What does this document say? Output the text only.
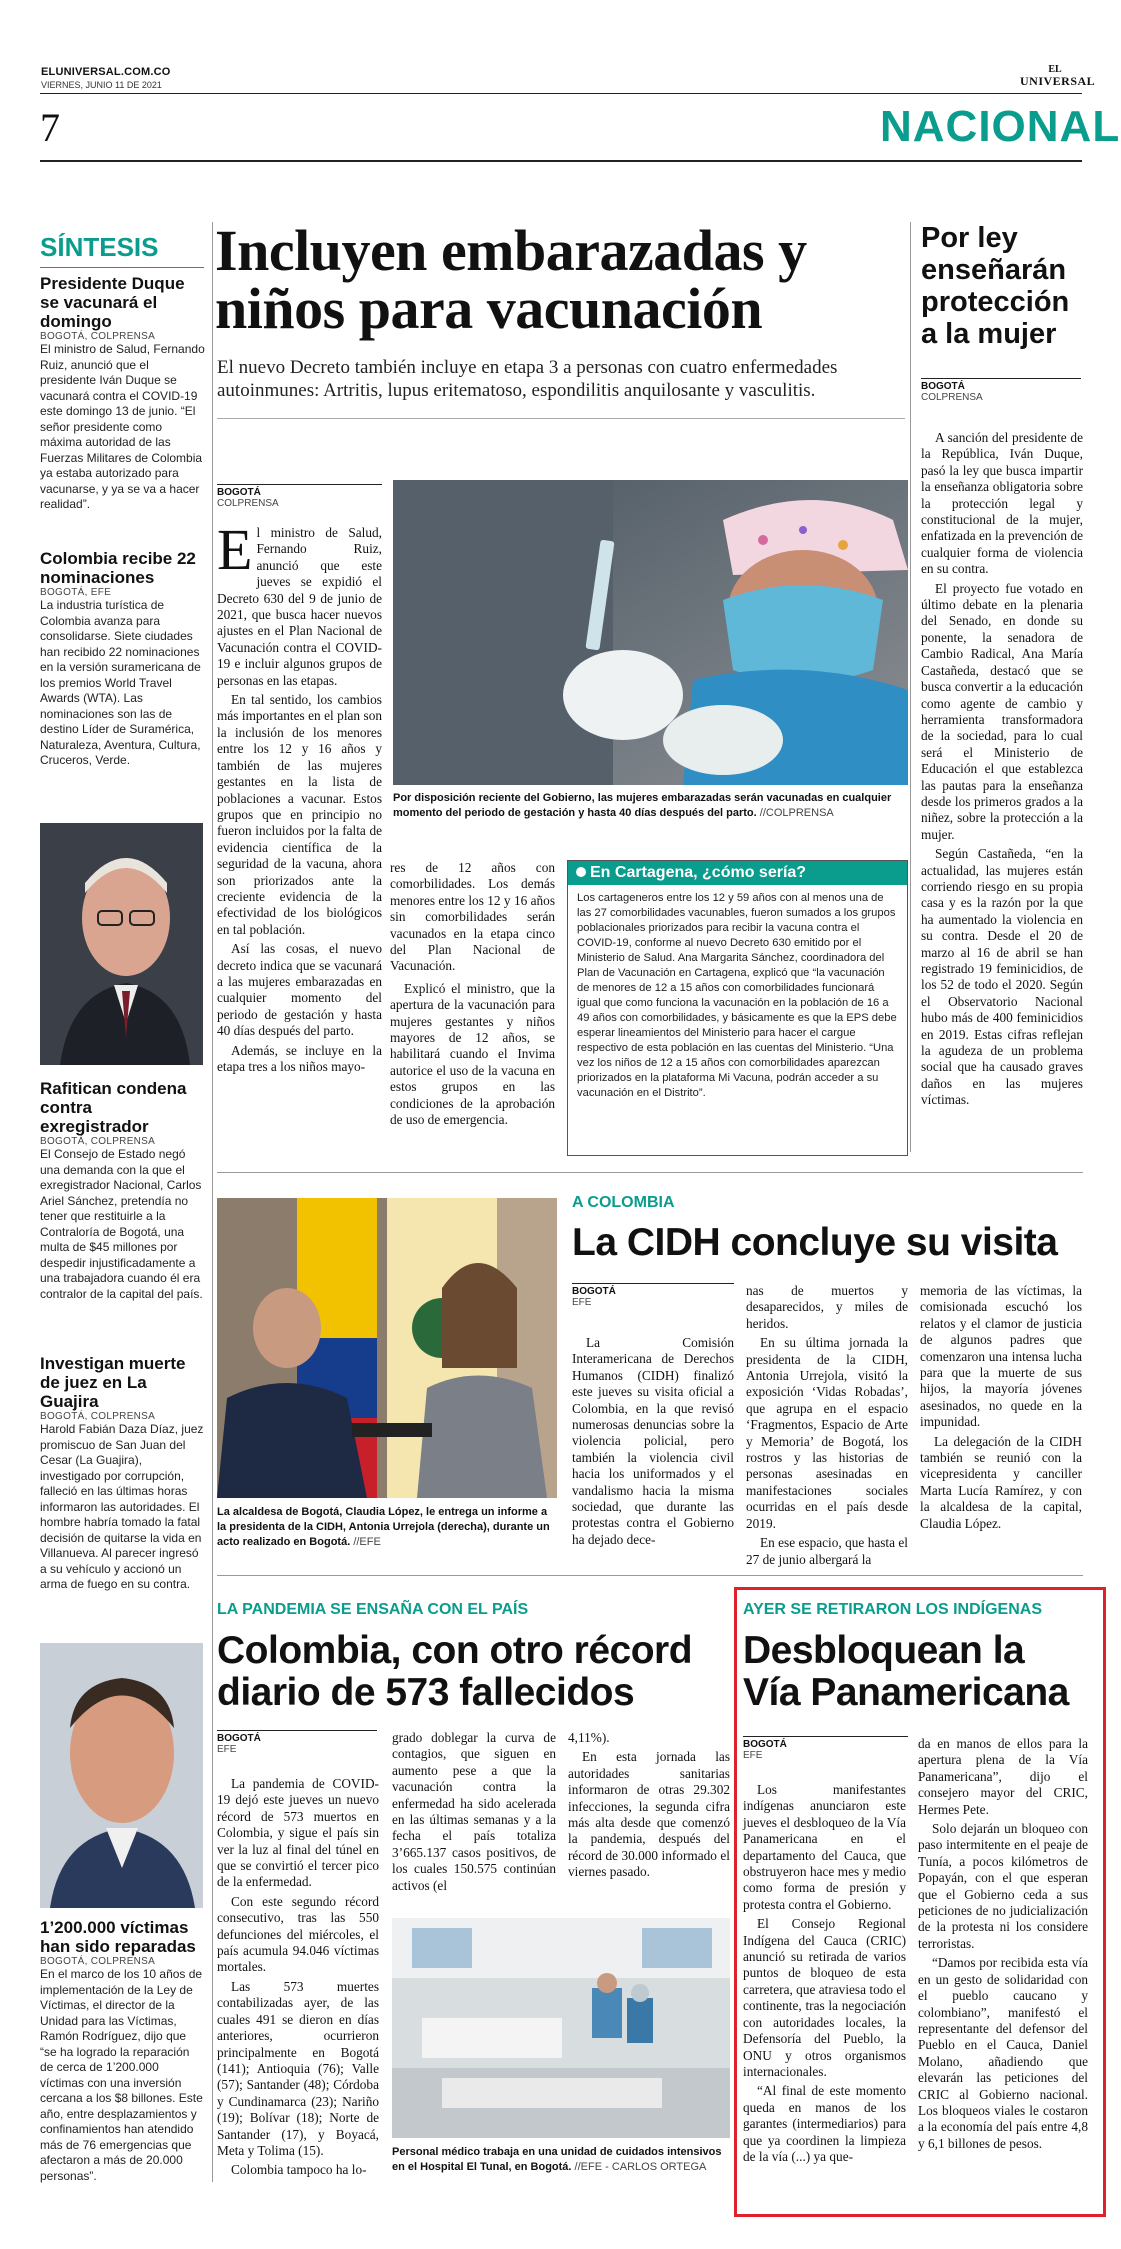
ELUNIVERSAL.COM.CO
VIERNES, JUNIO 11 DE 2021
EL
UNIVERSAL
7	NACIONAL
SÍNTESIS
Presidente Duque se vacunará el domingo
BOGOTÁ, COLPRENSA
El ministro de Salud, Fernando Ruiz, anunció que el presidente Iván Duque se vacunará contra el COVID-19 este domingo 13 de junio. “El señor presidente como máxima autoridad de las Fuerzas Militares de Colombia ya estaba autorizado para vacunarse, y ya se va a hacer realidad”.
Colombia recibe 22 nominaciones
BOGOTÁ, EFE
La industria turística de Colombia avanza para consolidarse. Siete ciudades han recibido 22 nominaciones en la versión suramericana de los premios World Travel Awards (WTA). Las nominaciones son las de destino Líder de Suramérica, Naturaleza, Aventura, Cultura, Cruceros, Verde.
Rafitican condena contra exregistrador
BOGOTÁ, COLPRENSA
El Consejo de Estado negó una demanda con la que el exregistrador Nacional, Carlos Ariel Sánchez, pretendía no tener que restituirle a la Contraloría de Bogotá, una multa de $45 millones por despedir injustificadamente a una trabajadora cuando él era contralor de la capital del país.
Investigan muerte de juez en La Guajira
BOGOTÁ, COLPRENSA
Harold Fabián Daza Díaz, juez promiscuo de San Juan del Cesar (La Guajira), investigado por corrupción, falleció en las últimas horas informaron las autoridades. El hombre habría tomado la fatal decisión de quitarse la vida en Villanueva. Al parecer ingresó a su vehículo y accionó un arma de fuego en su contra.
1’200.000 víctimas han sido reparadas
BOGOTÁ, COLPRENSA
En el marco de los 10 años de implementación de la Ley de Víctimas, el director de la Unidad para las Víctimas, Ramón Rodríguez, dijo que “se ha logrado la reparación de cerca de 1’200.000 víctimas con una inversión cercana a los $8 billones. Este año, entre desplazamientos y confinamientos han atendido más de 76 emergencias que afectaron a más de 20.000 personas”.
Incluyen embarazadas y niños para vacunación
El nuevo Decreto también incluye en etapa 3 a personas con cuatro enfermedades autoinmunes: Artritis, lupus eritematoso, espondilitis anquilosante y vasculitis.
BOGOTÁ
COLPRENSA
E l ministro de Salud, Fernando Ruiz, anunció que este jueves se expidió el Decreto 630 del 9 de junio de 2021, que busca hacer nuevos ajustes en el Plan Nacional de Vacunación contra el COVID-19 e incluir algunos grupos de personas en las etapas.

En tal sentido, los cambios más importantes en el plan son la inclusión de los menores entre los 12 y 16 años y también de las mujeres gestantes en la lista de poblaciones a vacunar. Estos grupos que en principio no fueron incluidos por la falta de evidencia científica de la seguridad de la vacuna, ahora son priorizados ante la creciente evidencia de la efectividad de los biológicos en tal población.

Así las cosas, el nuevo decreto indica que se vacunará a las mujeres embarazadas en cualquier momento del periodo de gestación y hasta 40 días después del parto.

Además, se incluye en la etapa tres a los niños mayo-

Por disposición reciente del Gobierno, las mujeres embarazadas serán vacunadas en cualquier momento del periodo de gestación y hasta 40 días después del parto. //COLPRENSA
res de 12 años con comorbilidades. Los demás menores entre los 12 y 16 años sin comorbilidades serán vacunados en la etapa cinco del Plan Nacional de Vacunación.

Explicó el ministro, que la apertura de la vacunación para mujeres gestantes y niños mayores de 12 años, se habilitará cuando el Invima autorice el uso de la vacuna en estos grupos en las condiciones de la aprobación de uso de emergencia.

En Cartagena, ¿cómo sería?
Los cartageneros entre los 12 y 59 años con al menos una de las 27 comorbilidades vacunables, fueron sumados a los grupos poblacionales priorizados para recibir la vacuna contra el COVID-19, conforme al nuevo Decreto 630 emitido por el Ministerio de Salud. Ana Margarita Sánchez, coordinadora del Plan de Vacunación en Cartagena, explicó que “la vacunación de menores de 12 a 15 años con comorbilidades funcionará igual que como funciona la vacunación en la población de 16 a 49 años con comorbilidades, y básicamente es que la EPS debe esperar lineamientos del Ministerio para hacer el cargue respectivo de esta población en las cuentas del Ministerio. “Una vez los niños de 12 a 15 años con comorbilidades aparezcan priorizados en la plataforma Mi Vacuna, podrán acceder a su vacunación en el Distrito”.
Por ley enseñarán protección a la mujer
BOGOTÁ
COLPRENSA

A sanción del presidente de la República, Iván Duque, pasó la ley que busca impartir la enseñanza obligatoria sobre la protección legal y constitucional de la mujer, enfatizada en la prevención de cualquier forma de violencia en su contra.

El proyecto fue votado en último debate en la plenaria del Senado, en donde su ponente, la senadora de Cambio Radical, Ana María Castañeda, destacó que se busca convertir a la educación como agente de cambio y herramienta transformadora de la sociedad, para lo cual será el Ministerio de Educación el que establezca las pautas para la enseñanza desde los primeros grados a la niñez, sobre la protección a la mujer.

Según Castañeda, “en la actualidad, las mujeres están corriendo riesgo en su propia casa y es la razón por la que ha aumentado la violencia en su contra. Desde el 20 de marzo al 16 de abril se han registrado 19 feminicidios, de los 52 de todo el 2020. Según el Observatorio Nacional hubo más de 400 feminicidios en 2019. Estas cifras reflejan la agudeza de un problema social que ha causado graves daños en las mujeres víctimas.

La alcaldesa de Bogotá, Claudia López, le entrega un informe a la presidenta de la CIDH, Antonia Urrejola (derecha), durante un acto realizado en Bogotá. //EFE
A COLOMBIA
La CIDH concluye su visita
BOGOTÁ
EFE

La Comisión Interamericana de Derechos Humanos (CIDH) finalizó este jueves su visita oficial a Colombia, en la que revisó numerosas denuncias sobre la violencia policial, pero también la violencia civil hacia los uniformados y el vandalismo hacia la misma sociedad, que durante las protestas contra el Gobierno ha dejado dece-

nas de muertos y desaparecidos, y miles de heridos.

En su última jornada la presidenta de la CIDH, Antonia Urrejola, visitó la exposición ‘Vidas Robadas’, que agrupa en el espacio ‘Fragmentos, Espacio de Arte y Memoria’ de Bogotá, los rostros y las historias de personas asesinadas en manifestaciones sociales ocurridas en el país desde 2019.

En ese espacio, que hasta el 27 de junio albergará la

memoria de las víctimas, la comisionada escuchó los relatos y el clamor de justicia de algunos padres que comenzaron una intensa lucha para que la muerte de sus hijos, la mayoría jóvenes asesinados, no quede en la impunidad.

La delegación de la CIDH también se reunió con la vicepresidenta y canciller Marta Lucía Ramírez, y con la alcaldesa de la capital, Claudia López.

LA PANDEMIA SE ENSAÑA CON EL PAÍS
Colombia, con otro récord diario de 573 fallecidos
BOGOTÁ
EFE

La pandemia de COVID-19 dejó este jueves un nuevo récord de 573 muertos en Colombia, y sigue el país sin ver la luz al final del túnel en que se convirtió el tercer pico de la enfermedad.

Con este segundo récord consecutivo, tras las 550 defunciones del miércoles, el país acumula 94.046 víctimas mortales.

Las 573 muertes contabilizadas ayer, de las cuales 491 se dieron en días anteriores, ocurrieron principalmente en Bogotá (141); Antioquia (76); Valle (57); Santander (48); Córdoba y Cundinamarca (23); Nariño (19); Bolívar (18); Norte de Santander (17), y Boyacá, Meta y Tolima (15).

Colombia tampoco ha lo-

grado doblegar la curva de contagios, que siguen en aumento pese a que la vacunación contra la enfermedad ha sido acelerada en las últimas semanas y a la fecha el país totaliza 3’665.137 casos positivos, de los cuales 150.575 continúan activos (el
4,11%).

En esta jornada las autoridades sanitarias informaron de otras 29.302 infecciones, la segunda cifra más alta desde que comenzó la pandemia, después del récord de 30.000 informado el viernes pasado.

Personal médico trabaja en una unidad de cuidados intensivos en el Hospital El Tunal, en Bogotá. //EFE - CARLOS ORTEGA
AYER SE RETIRARON LOS INDÍGENAS
Desbloquean la Vía Panamericana
BOGOTÁ
EFE

Los manifestantes indígenas anunciaron este jueves el desbloqueo de la Vía Panamericana en el departamento del Cauca, que obstruyeron hace mes y medio como forma de presión y protesta contra el Gobierno.

El Consejo Regional Indígena del Cauca (CRIC) anunció su retirada de varios puntos de bloqueo de esta carretera, que atraviesa todo el continente, tras la negociación con autoridades locales, la Defensoría del Pueblo, la ONU y otros organismos internacionales.

“Al final de este momento queda en manos de los garantes (intermediarios) para que ya coordinen la limpieza de la vía (...) ya que-

da en manos de ellos para la apertura plena de la Vía Panamericana”, dijo el consejero mayor del CRIC, Hermes Pete.

Solo dejarán un bloqueo con paso intermitente en el peaje de Tunía, a pocos kilómetros de Popayán, con el que esperan que el Gobierno ceda a sus peticiones de no judicialización de la protesta ni los considere terroristas.

“Damos por recibida esta vía en un gesto de solidaridad con el pueblo caucano y colombiano”, manifestó el representante del defensor del Pueblo en el Cauca, Daniel Molano, añadiendo que elevarán las peticiones del CRIC al Gobierno nacional. Los bloqueos viales le costaron a la economía del país entre 4,8 y 6,1 billones de pesos.
